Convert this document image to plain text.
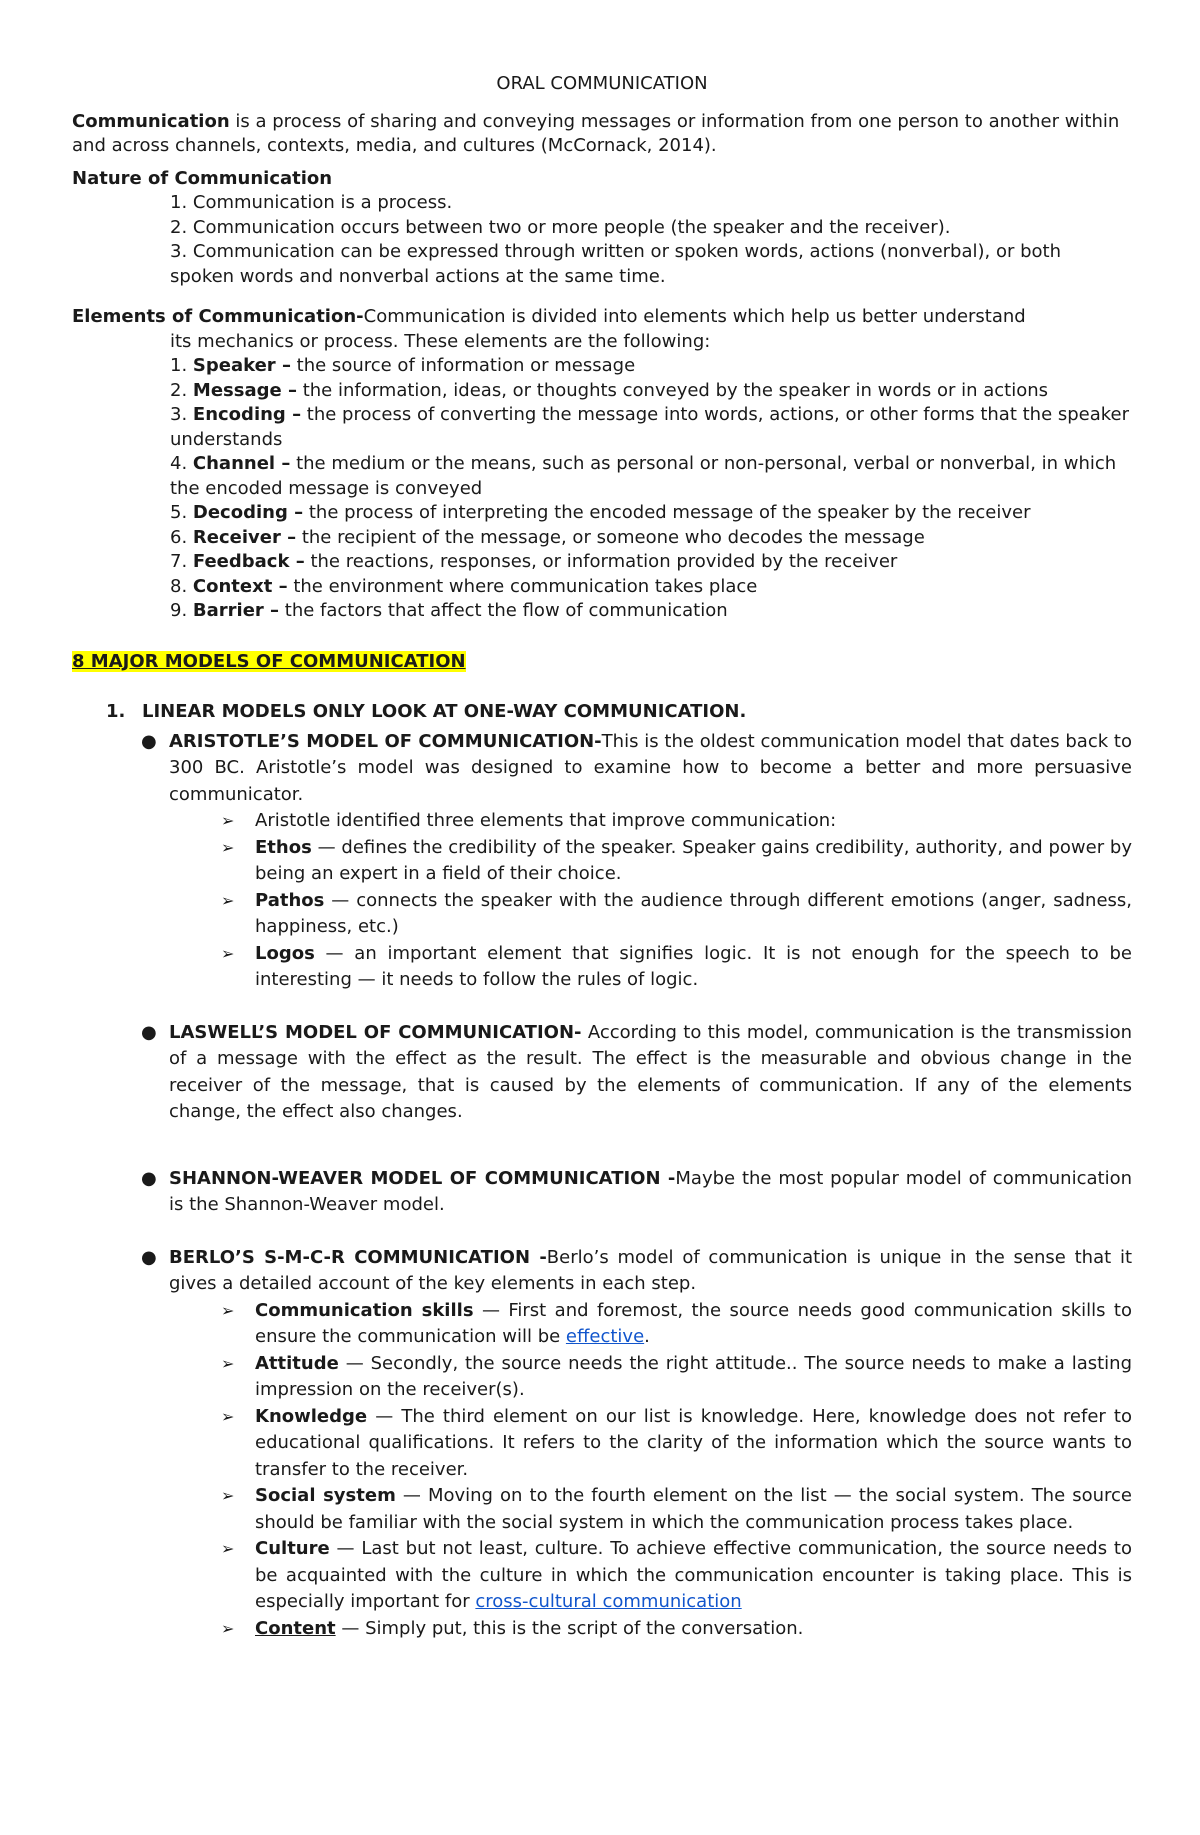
ORAL COMMUNICATION

Communication is a process of sharing and conveying messages or information from one person to another within and across channels, contexts, media, and cultures (McCornack, 2014).

Nature of Communication

1. Communication is a process.

2. Communication occurs between two or more people (the speaker and the receiver).

3. Communication can be expressed through written or spoken words, actions (nonverbal), or both

spoken words and nonverbal actions at the same time.

Elements of Communication-Communication is divided into elements which help us better understand

its mechanics or process. These elements are the following:

1. Speaker – the source of information or message

2. Message – the information, ideas, or thoughts conveyed by the speaker in words or in actions

3. Encoding – the process of converting the message into words, actions, or other forms that the speaker understands

4. Channel – the medium or the means, such as personal or non-personal, verbal or nonverbal, in which the encoded message is conveyed

5. Decoding – the process of interpreting the encoded message of the speaker by the receiver

6. Receiver – the recipient of the message, or someone who decodes the message

7. Feedback – the reactions, responses, or information provided by the receiver

8. Context – the environment where communication takes place

9. Barrier – the factors that affect the flow of communication

8 MAJOR MODELS OF COMMUNICATION

1. LINEAR MODELS ONLY LOOK AT ONE-WAY COMMUNICATION.
● ARISTOTLE’S MODEL OF COMMUNICATION-This is the oldest communication model that dates back to 300 BC. Aristotle’s model was designed to examine how to become a better and more persuasive communicator.
➢ Aristotle identified three elements that improve communication:
➢ Ethos — defines the credibility of the speaker. Speaker gains credibility, authority, and power by being an expert in a field of their choice.
➢ Pathos — connects the speaker with the audience through different emotions (anger, sadness, happiness, etc.)
➢ Logos — an important element that signifies logic. It is not enough for the speech to be interesting — it needs to follow the rules of logic.
● LASWELL’S MODEL OF COMMUNICATION- According to this model, communication is the transmission of a message with the effect as the result. The effect is the measurable and obvious change in the receiver of the message, that is caused by the elements of communication. If any of the elements change, the effect also changes.
● SHANNON-WEAVER MODEL OF COMMUNICATION -Maybe the most popular model of communication is the Shannon-Weaver model.
● BERLO’S S-M-C-R COMMUNICATION -Berlo’s model of communication is unique in the sense that it gives a detailed account of the key elements in each step.
➢ Communication skills — First and foremost, the source needs good communication skills to ensure the communication will be effective.
➢ Attitude — Secondly, the source needs the right attitude.. The source needs to make a lasting impression on the receiver(s).
➢ Knowledge — The third element on our list is knowledge. Here, knowledge does not refer to educational qualifications. It refers to the clarity of the information which the source wants to transfer to the receiver.
➢ Social system — Moving on to the fourth element on the list — the social system. The source should be familiar with the social system in which the communication process takes place.
➢ Culture — Last but not least, culture. To achieve effective communication, the source needs to be acquainted with the culture in which the communication encounter is taking place. This is especially important for cross-cultural communication
➢ Content — Simply put, this is the script of the conversation.
